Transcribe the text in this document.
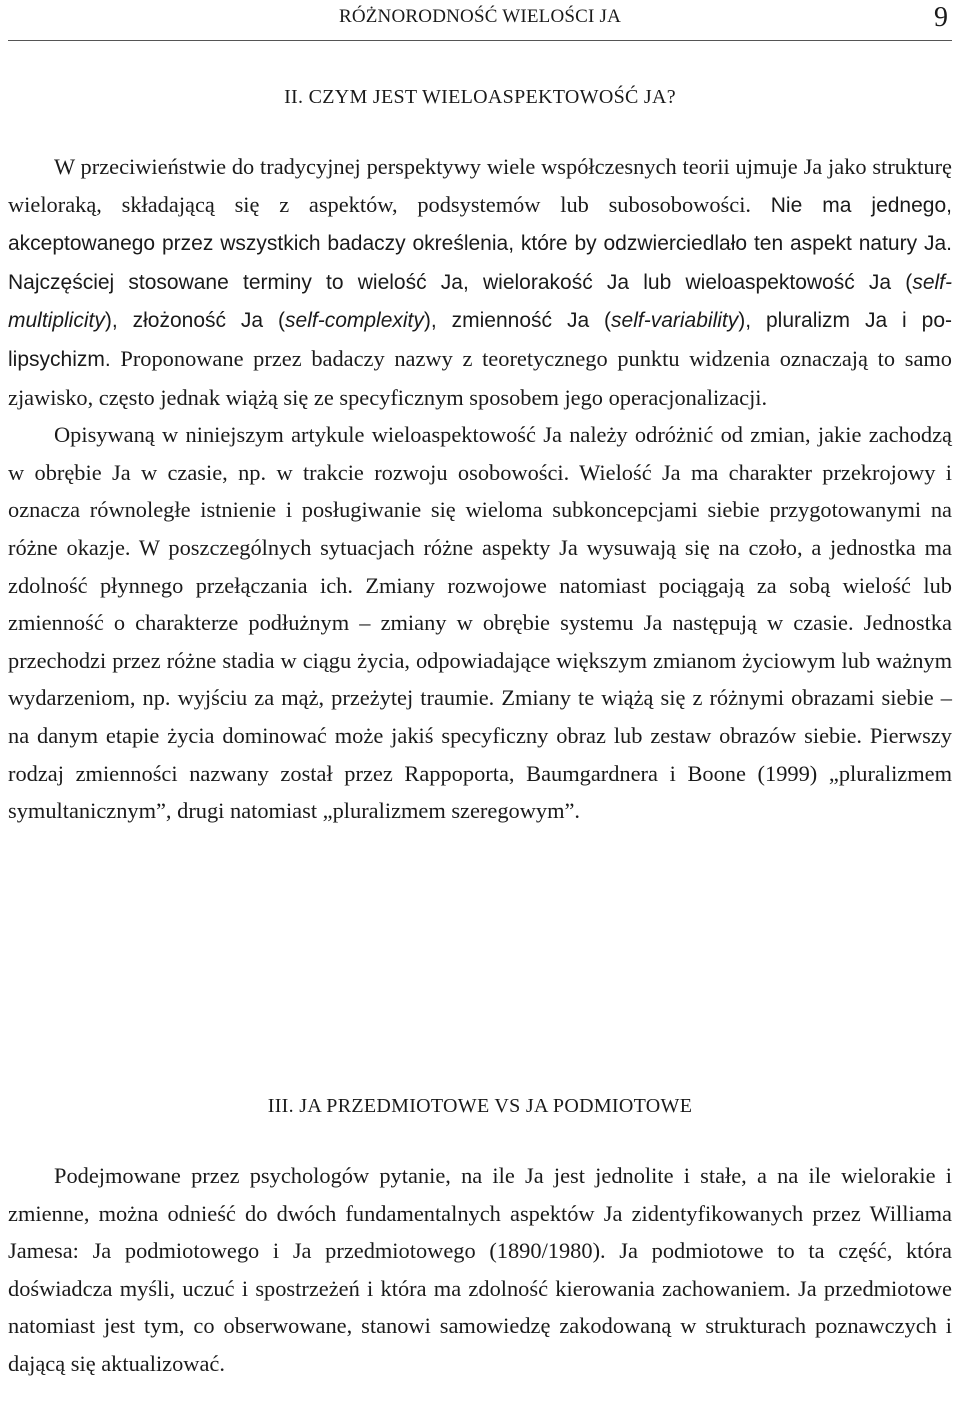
RÓŻNORODNOŚĆ WIELOŚCI JA	9
II. CZYM JEST WIELOASPEKTOWOŚĆ JA?

W przeciwieństwie do tradycyjnej perspektywy wiele współczesnych teorii ujmuje Ja jako strukturę wieloraką, składającą się z aspektów, podsystemów lub subosobowości. Nie ma jednego, akceptowanego przez wszystkich badaczy określenia, które by odzwierciedlało ten aspekt natury Ja. Najczęściej stosowane terminy to wielość Ja, wielorakość Ja lub wieloaspektowość Ja (self-multiplicity), złożoność Ja (self-complexity), zmienność Ja (self-variability), pluralizm Ja i polipsychizm. Proponowane przez badaczy nazwy z teoretycznego punktu widzenia oznaczają to samo zjawisko, często jednak wiążą się ze specyficznym sposobem jego operacjonalizacji.

Opisywaną w niniejszym artykule wieloaspektowość Ja należy odróżnić od zmian, jakie zachodzą w obrębie Ja w czasie, np. w trakcie rozwoju osobowości. Wielość Ja ma charakter przekrojowy i oznacza równoległe istnienie i posługiwanie się wieloma subkoncepcjami siebie przygotowanymi na różne okazje. W poszczególnych sytuacjach różne aspekty Ja wysuwają się na czoło, a jednostka ma zdolność płynnego przełączania ich. Zmiany rozwojowe natomiast pociągają za sobą wielość lub zmienność o charakterze podłużnym – zmiany w obrębie systemu Ja następują w czasie. Jednostka przechodzi przez różne stadia w ciągu życia, odpowiadające większym zmianom życiowym lub ważnym wydarzeniom, np. wyjściu za mąż, przeżytej traumie. Zmiany te wiążą się z różnymi obrazami siebie – na danym etapie życia dominować może jakiś specyficzny obraz lub zestaw obrazów siebie. Pierwszy rodzaj zmienności nazwany został przez Rappoporta, Baumgardnera i Boone (1999) „pluralizmem symultanicznym”, drugi natomiast „pluralizmem szeregowym”.

III. JA PRZEDMIOTOWE VS JA PODMIOTOWE

Podejmowane przez psychologów pytanie, na ile Ja jest jednolite i stałe, a na ile wielorakie i zmienne, można odnieść do dwóch fundamentalnych aspektów Ja zidentyfikowanych przez Williama Jamesa: Ja podmiotowego i Ja przedmiotowego (1890/1980). Ja podmiotowe to ta część, która doświadcza myśli, uczuć i spostrzeżeń i która ma zdolność kierowania zachowaniem. Ja przedmiotowe natomiast jest tym, co obserwowane, stanowi samowiedzę zakodowaną w strukturach poznawczych i dającą się aktualizować.
